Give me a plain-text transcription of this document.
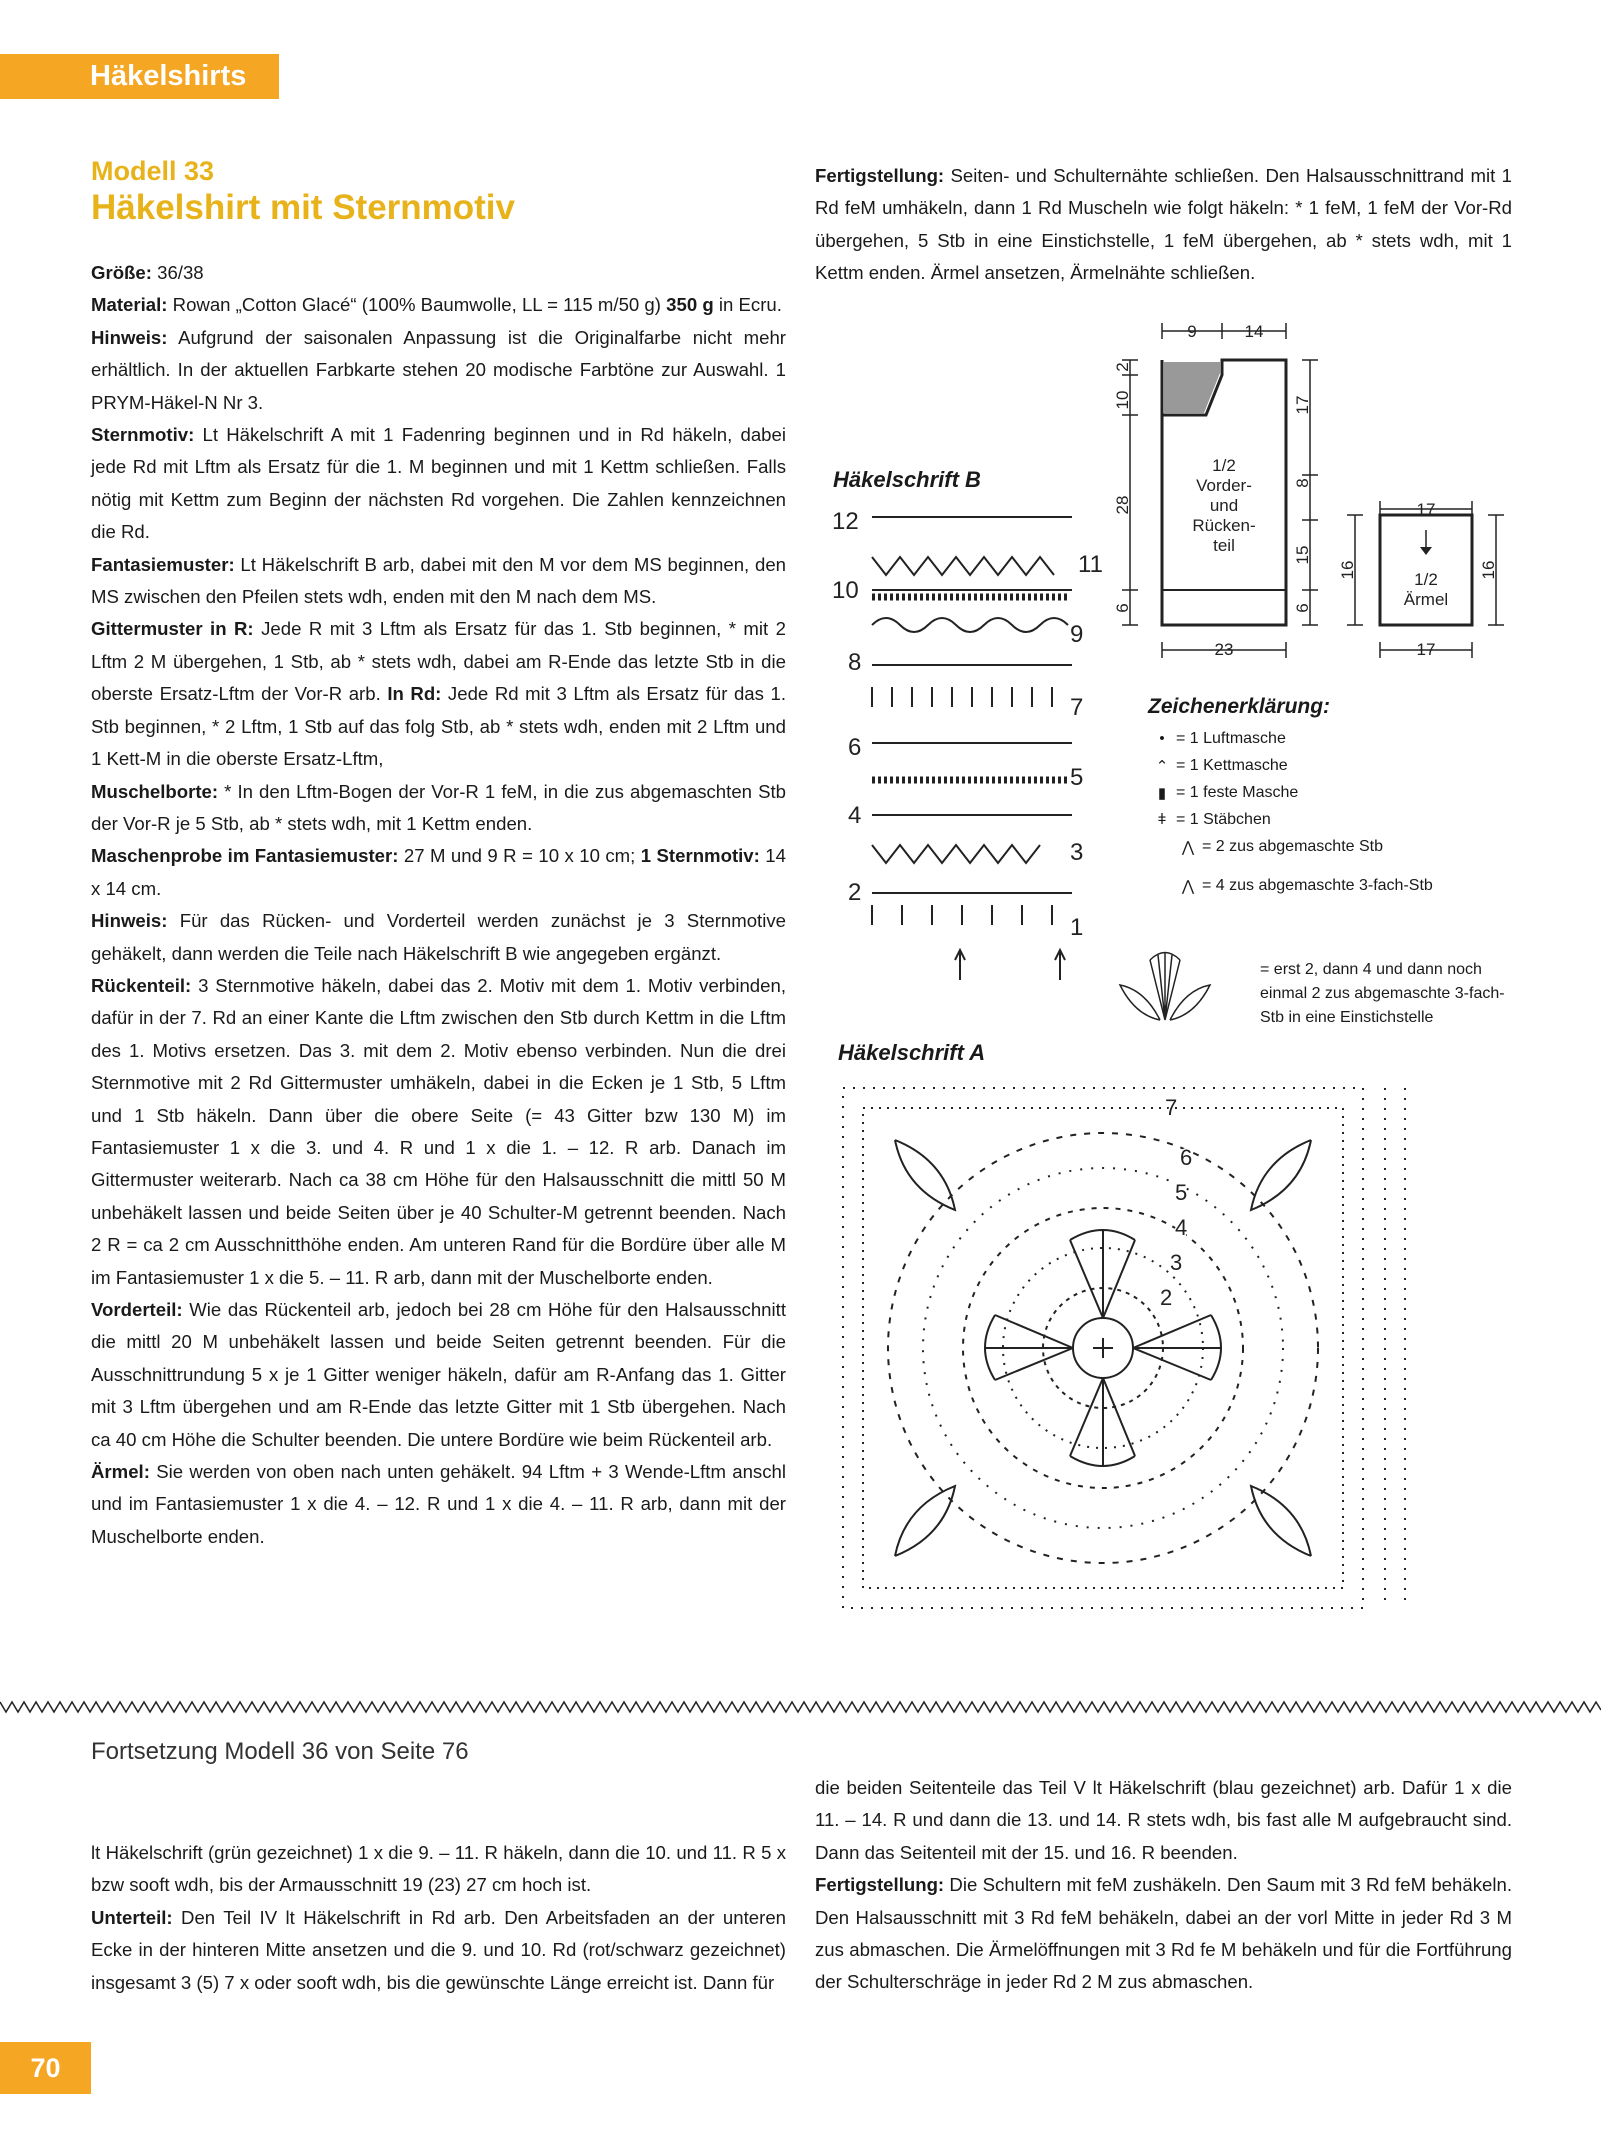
Häkelshirts
Modell 33
Häkelshirt mit Sternmotiv

Größe: 36/38

Material: Rowan „Cotton Glacé“ (100% Baumwolle, LL = 115 m/50 g) 350 g in Ecru.

Hinweis: Aufgrund der saisonalen Anpassung ist die Originalfarbe nicht mehr erhältlich. In der aktuellen Farbkarte stehen 20 modische Farbtöne zur Auswahl. 1 PRYM-Häkel-N Nr 3.

Sternmotiv: Lt Häkelschrift A mit 1 Fadenring beginnen und in Rd häkeln, dabei jede Rd mit Lftm als Ersatz für die 1. M beginnen und mit 1 Kettm schließen. Falls nötig mit Kettm zum Beginn der nächsten Rd vorgehen. Die Zahlen kennzeichnen die Rd.

Fantasiemuster: Lt Häkelschrift B arb, dabei mit den M vor dem MS beginnen, den MS zwischen den Pfeilen stets wdh, enden mit den M nach dem MS.

Gittermuster in R: Jede R mit 3 Lftm als Ersatz für das 1. Stb beginnen, * mit 2 Lftm 2 M übergehen, 1 Stb, ab * stets wdh, dabei am R-Ende das letzte Stb in die oberste Ersatz-Lftm der Vor-R arb. In Rd: Jede Rd mit 3 Lftm als Ersatz für das 1. Stb beginnen, * 2 Lftm, 1 Stb auf das folg Stb, ab * stets wdh, enden mit 2 Lftm und 1 Kett-M in die oberste Ersatz-Lftm,

Muschelborte: * In den Lftm-Bogen der Vor-R 1 feM, in die zus abgemaschten Stb der Vor-R je 5 Stb, ab * stets wdh, mit 1 Kettm enden.

Maschenprobe im Fantasiemuster: 27 M und 9 R = 10 x 10 cm; 1 Sternmotiv: 14 x 14 cm.

Hinweis: Für das Rücken- und Vorderteil werden zunächst je 3 Sternmotive gehäkelt, dann werden die Teile nach Häkelschrift B wie angegeben ergänzt.

Rückenteil: 3 Sternmotive häkeln, dabei das 2. Motiv mit dem 1. Motiv verbinden, dafür in der 7. Rd an einer Kante die Lftm zwischen den Stb durch Kettm in die Lftm des 1. Motivs ersetzen. Das 3. mit dem 2. Motiv ebenso verbinden. Nun die drei Sternmotive mit 2 Rd Gittermuster umhäkeln, dabei in die Ecken je 1 Stb, 5 Lftm und 1 Stb häkeln. Dann über die obere Seite (= 43 Gitter bzw 130 M) im Fantasiemuster 1 x die 3. und 4. R und 1 x die 1. – 12. R arb. Danach im Gittermuster weiterarb. Nach ca 38 cm Höhe für den Halsausschnitt die mittl 50 M unbehäkelt lassen und beide Seiten über je 40 Schulter-M getrennt beenden. Nach 2 R = ca 2 cm Ausschnitthöhe enden. Am unteren Rand für die Bordüre über alle M im Fantasiemuster 1 x die 5. – 11. R arb, dann mit der Muschelborte enden.

Vorderteil: Wie das Rückenteil arb, jedoch bei 28 cm Höhe für den Halsausschnitt die mittl 20 M unbehäkelt lassen und beide Seiten getrennt beenden. Für die Ausschnittrundung 5 x je 1 Gitter weniger häkeln, dafür am R-Anfang das 1. Gitter mit 3 Lftm übergehen und am R-Ende das letzte Gitter mit 1 Stb übergehen. Nach ca 40 cm Höhe die Schulter beenden. Die untere Bordüre wie beim Rückenteil arb.

Ärmel: Sie werden von oben nach unten gehäkelt. 94 Lftm + 3 Wende-Lftm anschl und im Fantasiemuster 1 x die 4. – 12. R und 1 x die 4. – 11. R arb, dann mit der Muschelborte enden.

Fertigstellung: Seiten- und Schulternähte schließen. Den Halsausschnittrand mit 1 Rd feM umhäkeln, dann 1 Rd Muscheln wie folgt häkeln: * 1 feM, 1 feM der Vor-Rd übergehen, 5 Stb in eine Einstichstelle, 1 feM übergehen, ab * stets wdh, mit 1 Kettm enden. Ärmel ansetzen, Ärmelnähte schließen.

9	14
10
2
28
6
17
8
15
6
23
1/2
Vorder-
und
Rücken-
teil
17
17
16	16
1/2
Ärmel
Häkelschrift B
12
10
8
6
4
2
11
9
7
5
3
1
Zeichenerklärung:
• = 1 Luftmasche
⌃ = 1 Kettmasche
▮ = 1 feste Masche
ǂ = 1 Stäbchen
⋀ = 2 zus abgemaschte Stb
⋀ = 4 zus abgemaschte 3-fach-Stb
= erst 2, dann 4 und dann noch einmal 2 zus abgemaschte 3-fach-Stb in eine Einstichstelle
Häkelschrift A
7
6
5
4
3
2
Fortsetzung Modell 36 von Seite 76

lt Häkelschrift (grün gezeichnet) 1 x die 9. – 11. R häkeln, dann die 10. und 11. R 5 x bzw sooft wdh, bis der Armausschnitt 19 (23) 27 cm hoch ist.

Unterteil: Den Teil IV lt Häkelschrift in Rd arb. Den Arbeitsfaden an der unteren Ecke in der hinteren Mitte ansetzen und die 9. und 10. Rd (rot/schwarz gezeichnet) insgesamt 3 (5) 7 x oder sooft wdh, bis die gewünschte Länge erreicht ist. Dann für

die beiden Seitenteile das Teil V lt Häkelschrift (blau gezeichnet) arb. Dafür 1 x die 11. – 14. R und dann die 13. und 14. R stets wdh, bis fast alle M aufgebraucht sind. Dann das Seitenteil mit der 15. und 16. R beenden.

Fertigstellung: Die Schultern mit feM zushäkeln. Den Saum mit 3 Rd feM behäkeln. Den Halsausschnitt mit 3 Rd feM behäkeln, dabei an der vorl Mitte in jeder Rd 3 M zus abmaschen. Die Ärmelöffnungen mit 3 Rd fe M behäkeln und für die Fortführung der Schulterschräge in jeder Rd 2 M zus abmaschen.

70
